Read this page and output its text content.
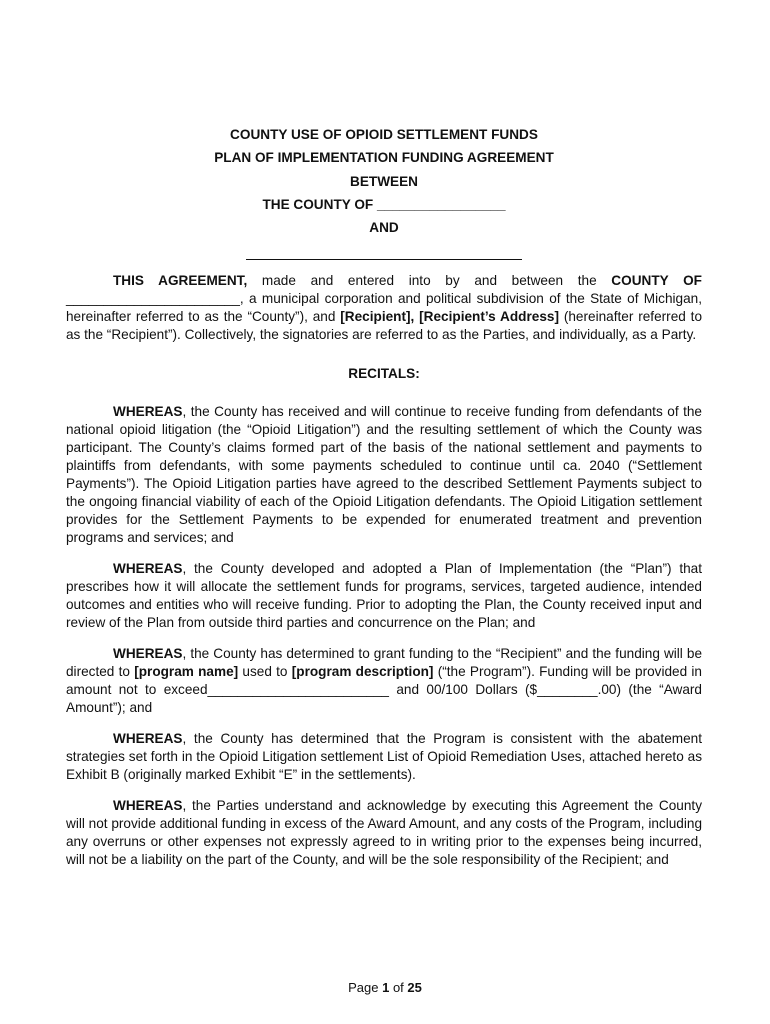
COUNTY USE OF OPIOID SETTLEMENT FUNDS
PLAN OF IMPLEMENTATION FUNDING AGREEMENT
BETWEEN
THE COUNTY OF _________________
AND

THIS AGREEMENT, made and entered into by and between the COUNTY OF _______________________, a municipal corporation and political subdivision of the State of Michigan, hereinafter referred to as the “County”), and [Recipient], [Recipient’s Address] (hereinafter referred to as the “Recipient”). Collectively, the signatories are referred to as the Parties, and individually, as a Party.

RECITALS:

WHEREAS, the County has received and will continue to receive funding from defendants of the national opioid litigation (the “Opioid Litigation”) and the resulting settlement of which the County was participant. The County’s claims formed part of the basis of the national settlement and payments to plaintiffs from defendants, with some payments scheduled to continue until ca. 2040 (“Settlement Payments”). The Opioid Litigation parties have agreed to the described Settlement Payments subject to the ongoing financial viability of each of the Opioid Litigation defendants. The Opioid Litigation settlement provides for the Settlement Payments to be expended for enumerated treatment and prevention programs and services; and

WHEREAS, the County developed and adopted a Plan of Implementation (the “Plan”) that prescribes how it will allocate the settlement funds for programs, services, targeted audience, intended outcomes and entities who will receive funding. Prior to adopting the Plan, the County received input and review of the Plan from outside third parties and concurrence on the Plan; and

WHEREAS, the County has determined to grant funding to the “Recipient” and the funding will be directed to [program name] used to [program description] (“the Program”). Funding will be provided in amount not to exceed________________________ and 00/100 Dollars ($________.00) (the “Award Amount”); and

WHEREAS, the County has determined that the Program is consistent with the abatement strategies set forth in the Opioid Litigation settlement List of Opioid Remediation Uses, attached hereto as Exhibit B (originally marked Exhibit “E” in the settlements).

WHEREAS, the Parties understand and acknowledge by executing this Agreement the County will not provide additional funding in excess of the Award Amount, and any costs of the Program, including any overruns or other expenses not expressly agreed to in writing prior to the expenses being incurred, will not be a liability on the part of the County, and will be the sole responsibility of the Recipient; and

Page 1 of 25
